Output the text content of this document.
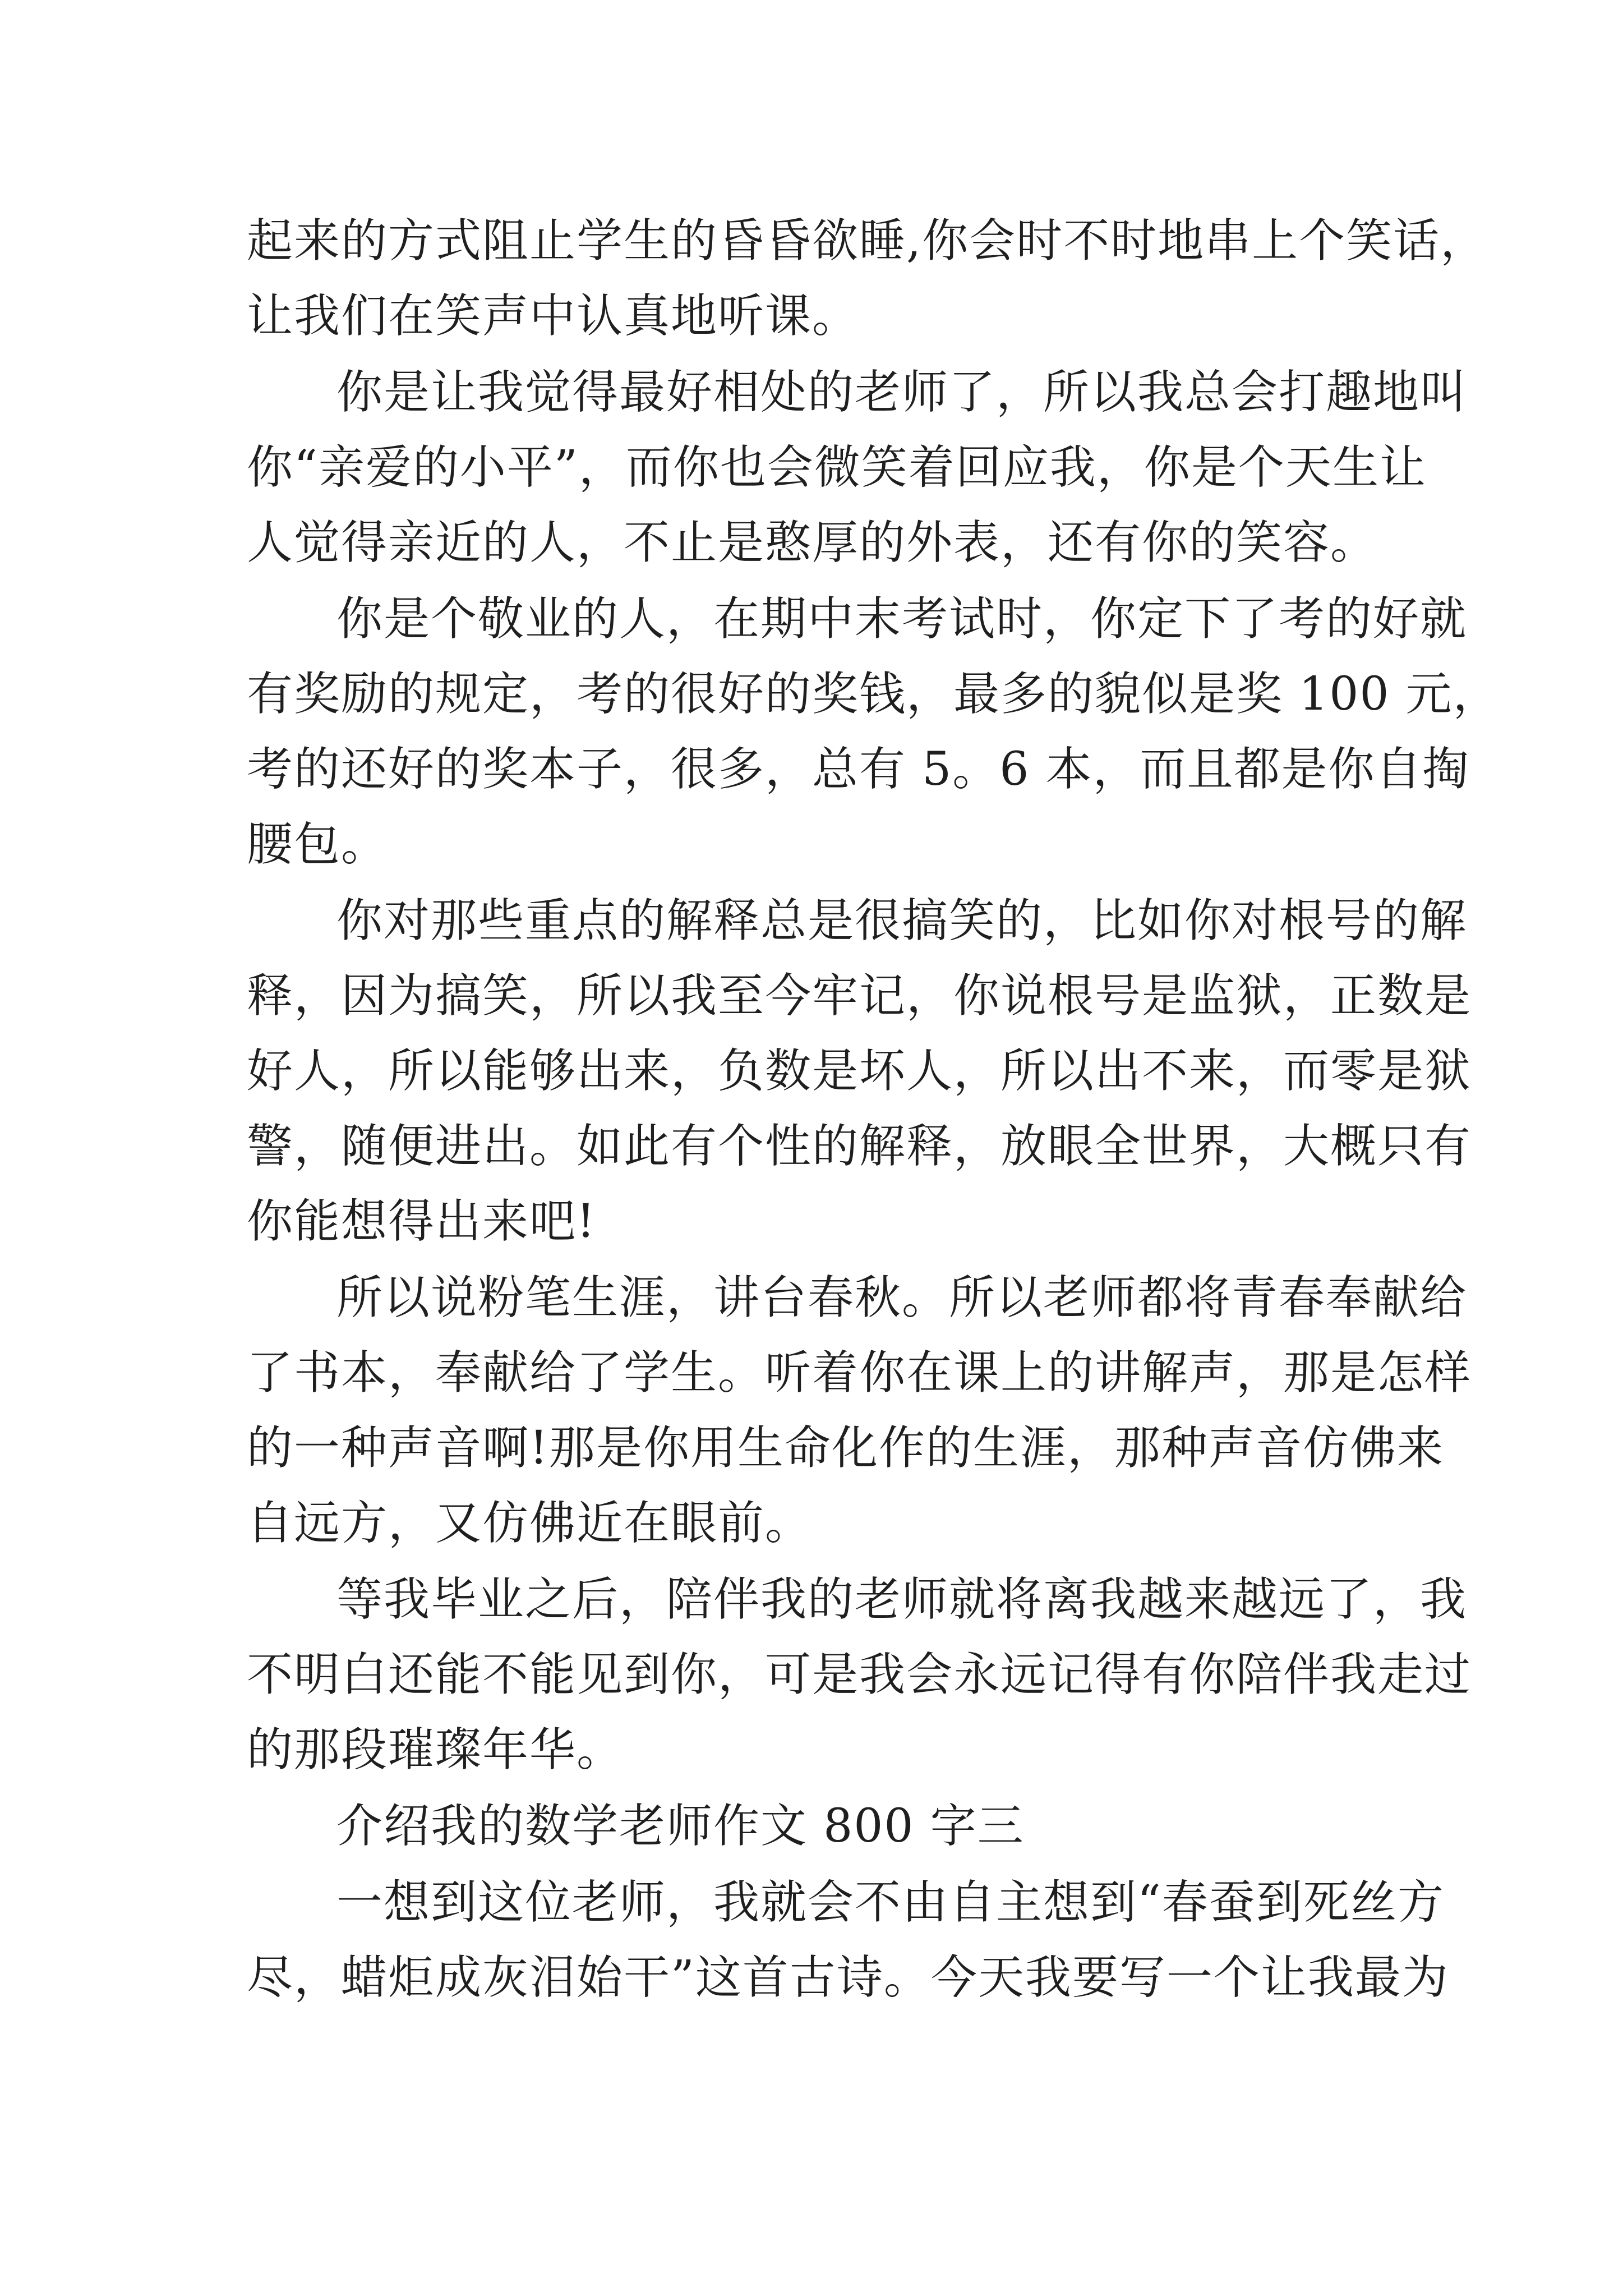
起来的方式阻止学生的昏昏欲睡,你会时不时地串上个笑话，

让我们在笑声中认真地听课。

你是让我觉得最好相处的老师了，所以我总会打趣地叫

你“亲爱的小平”，而你也会微笑着回应我，你是个天生让

人觉得亲近的人，不止是憨厚的外表，还有你的笑容。

你是个敬业的人，在期中末考试时，你定下了考的好就

有奖励的规定，考的很好的奖钱，最多的貌似是奖 100 元，

考的还好的奖本子，很多，总有 5。6 本，而且都是你自掏

腰包。

你对那些重点的解释总是很搞笑的，比如你对根号的解

释，因为搞笑，所以我至今牢记，你说根号是监狱，正数是

好人，所以能够出来，负数是坏人，所以出不来，而零是狱

警，随便进出。如此有个性的解释，放眼全世界，大概只有

你能想得出来吧!

所以说粉笔生涯，讲台春秋。所以老师都将青春奉献给

了书本，奉献给了学生。听着你在课上的讲解声，那是怎样

的一种声音啊!那是你用生命化作的生涯，那种声音仿佛来

自远方，又仿佛近在眼前。

等我毕业之后，陪伴我的老师就将离我越来越远了，我

不明白还能不能见到你，可是我会永远记得有你陪伴我走过

的那段璀璨年华。

介绍我的数学老师作文 800 字三

一想到这位老师，我就会不由自主想到“春蚕到死丝方

尽，蜡炬成灰泪始干”这首古诗。今天我要写一个让我最为
